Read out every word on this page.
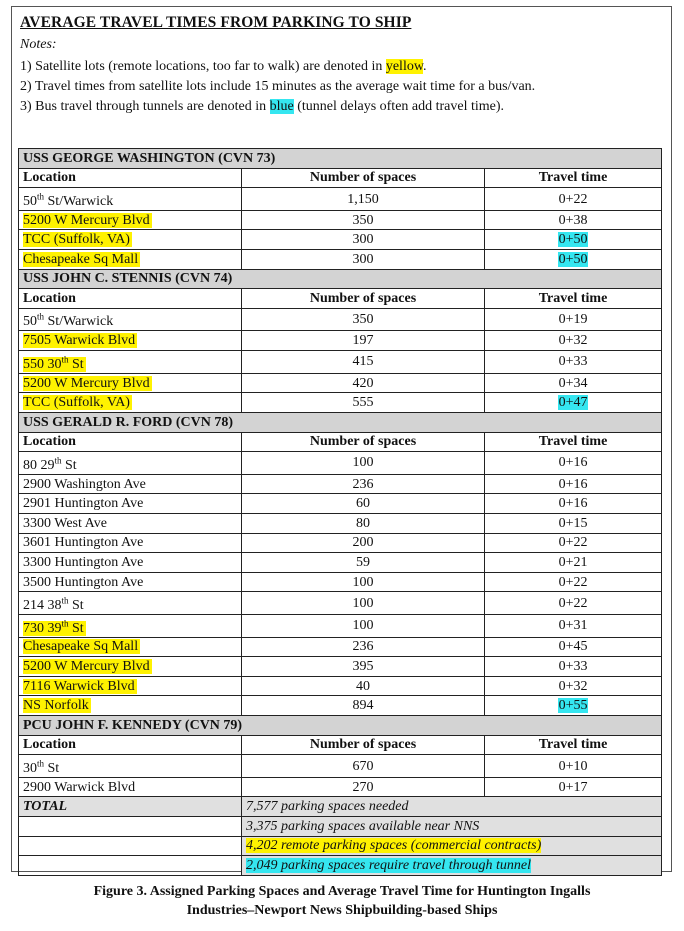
AVERAGE TRAVEL TIMES FROM PARKING TO SHIP
Notes:
1) Satellite lots (remote locations, too far to walk) are denoted in yellow.
2) Travel times from satellite lots include 15 minutes as the average wait time for a bus/van.
3) Bus travel through tunnels are denoted in blue (tunnel delays often add travel time).
USS GEORGE WASHINGTON (CVN 73)		
Location	Number of spaces	Travel time
50th St/Warwick	1,150	0+22
5200 W Mercury Blvd	350	0+38
TCC (Suffolk, VA)	300	0+50
Chesapeake Sq Mall	300	0+50
USS JOHN C. STENNIS (CVN 74)		
Location	Number of spaces	Travel time
50th St/Warwick	350	0+19
7505 Warwick Blvd	197	0+32
550 30th St	415	0+33
5200 W Mercury Blvd	420	0+34
TCC (Suffolk, VA)	555	0+47
USS GERALD R. FORD (CVN 78)		
Location	Number of spaces	Travel time
80 29th St	100	0+16
2900 Washington Ave	236	0+16
2901 Huntington Ave	60	0+16
3300 West Ave	80	0+15
3601 Huntington Ave	200	0+22
3300 Huntington Ave	59	0+21
3500 Huntington Ave	100	0+22
214 38th St	100	0+22
730 39th St	100	0+31
Chesapeake Sq Mall	236	0+45
5200 W Mercury Blvd	395	0+33
7116 Warwick Blvd	40	0+32
NS Norfolk	894	0+55
PCU JOHN F. KENNEDY (CVN 79)		
Location	Number of spaces	Travel time
30th St	670	0+10
2900 Warwick Blvd	270	0+17
TOTAL	7,577 parking spaces needed	
	3,375 parking spaces available near NNS	
	4,202 remote parking spaces (commercial contracts)	
	2,049 parking spaces require travel through tunnel	
Figure 3. Assigned Parking Spaces and Average Travel Time for Huntington Ingalls
Industries–Newport News Shipbuilding-based Ships
